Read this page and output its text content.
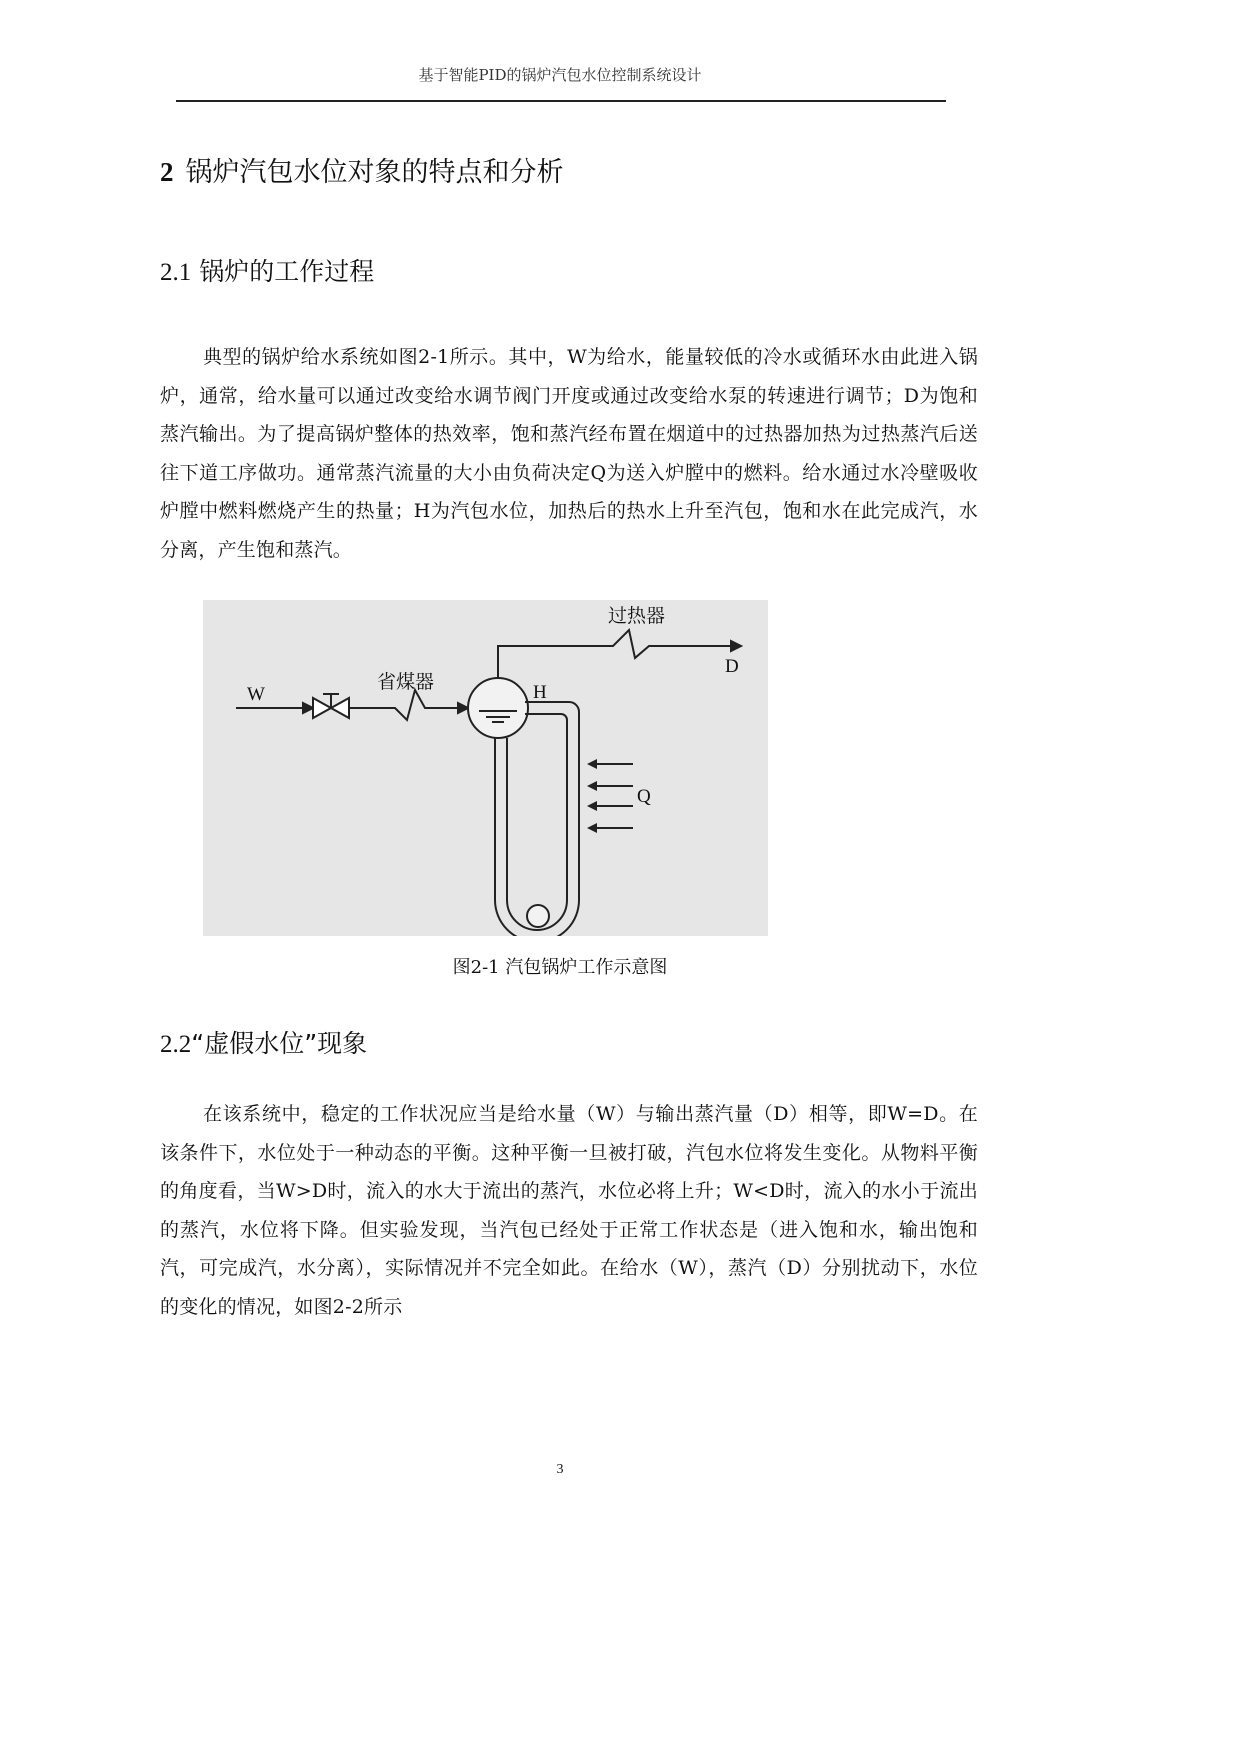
基于智能PID的锅炉汽包水位控制系统设计
2 锅炉汽包水位对象的特点和分析
2.1 锅炉的工作过程

典型的锅炉给水系统如图2-1所示。其中，W为给水，能量较低的冷水或循环水由此进入锅炉，通常，给水量可以通过改变给水调节阀门开度或通过改变给水泵的转速进行调节；D为饱和蒸汽输出。为了提高锅炉整体的热效率，饱和蒸汽经布置在烟道中的过热器加热为过热蒸汽后送往下道工序做功。通常蒸汽流量的大小由负荷决定Q为送入炉膛中的燃料。给水通过水冷壁吸收炉膛中燃料燃烧产生的热量；H为汽包水位，加热后的热水上升至汽包，饱和水在此完成汽，水分离，产生饱和蒸汽。

过热器
省煤器
W
D
H
Q
图2-1 汽包锅炉工作示意图
2.2“虚假水位”现象

在该系统中，稳定的工作状况应当是给水量（W）与输出蒸汽量（D）相等，即W=D。在该条件下，水位处于一种动态的平衡。这种平衡一旦被打破，汽包水位将发生变化。从物料平衡的角度看，当W>D时，流入的水大于流出的蒸汽，水位必将上升；W<D时，流入的水小于流出的蒸汽，水位将下降。但实验发现，当汽包已经处于正常工作状态是（进入饱和水，输出饱和汽，可完成汽，水分离），实际情况并不完全如此。在给水（W），蒸汽（D）分别扰动下，水位的变化的情况，如图2-2所示

3
